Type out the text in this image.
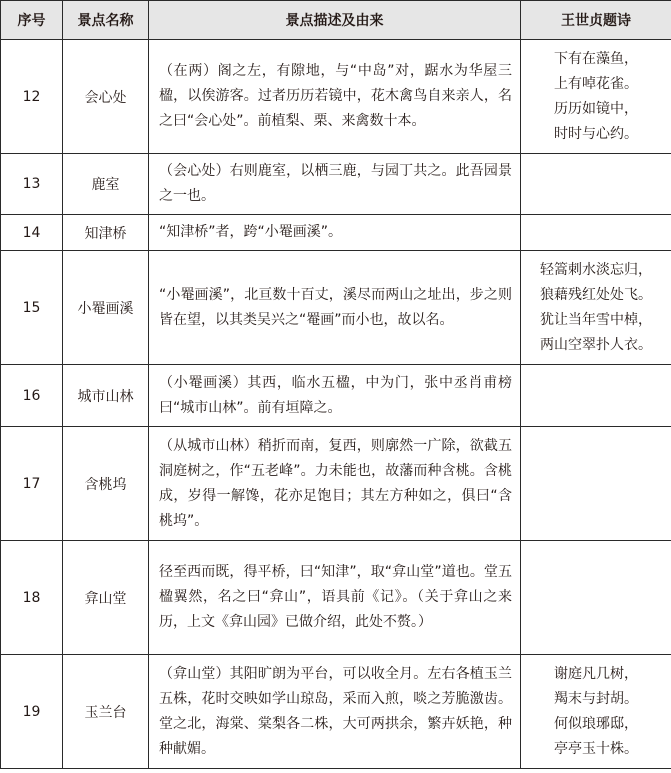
序号	景点名称	景点描述及由来	王世贞题诗
12	会心处	（在两）阁之左，有隙地，与“中岛”对，踞水为华屋三楹，以俟游客。过者历历若镜中，花木禽鸟自来亲人，名之曰“会心处”。前植梨、栗、来禽数十本。	下有在藻鱼，
上有啅花雀。
历历如镜中，
时时与心约。

13	鹿室	（会心处）右则鹿室，以栖三鹿，与园丁共之。此吾园景之一也。	
14	知津桥	“知津桥”者，跨“小罨画溪”。	
15	小罨画溪	“小罨画溪”，北亘数十百丈，溪尽而两山之址出，步之则皆在望，以其类吴兴之“罨画”而小也，故以名。	轻篙刺水淡忘归，
狼藉残红处处飞。
犹让当年雪中棹，
两山空翠扑人衣。

16	城市山林	（小罨画溪）其西，临水五楹，中为门，张中丞肖甫榜曰“城市山林”。前有垣障之。	
17	含桃坞	（从城市山林）稍折而南，复西，则廓然一广除，欲截五洞庭树之，作“五老峰”。力未能也，故藩而种含桃。含桃成，岁得一解馋，花亦足饱目；其左方种如之，俱曰“含桃坞”。	
18	弇山堂	径至西而既，得平桥，曰“知津”，取“弇山堂”道也。堂五楹翼然，名之曰“弇山”，语具前《记》。（关于弇山之来历，上文《弇山园》已做介绍，此处不赘。）	
19	玉兰台	（弇山堂）其阳旷朗为平台，可以收全月。左右各植玉兰五株，花时交映如学山琼岛，采而入煎，啖之芳脆激齿。堂之北，海棠、棠梨各二株，大可两拱余，繁卉妖艳，种种献媚。	谢庭凡几树，
羯末与封胡。
何似琅琊邸，
亭亭玉十株。
